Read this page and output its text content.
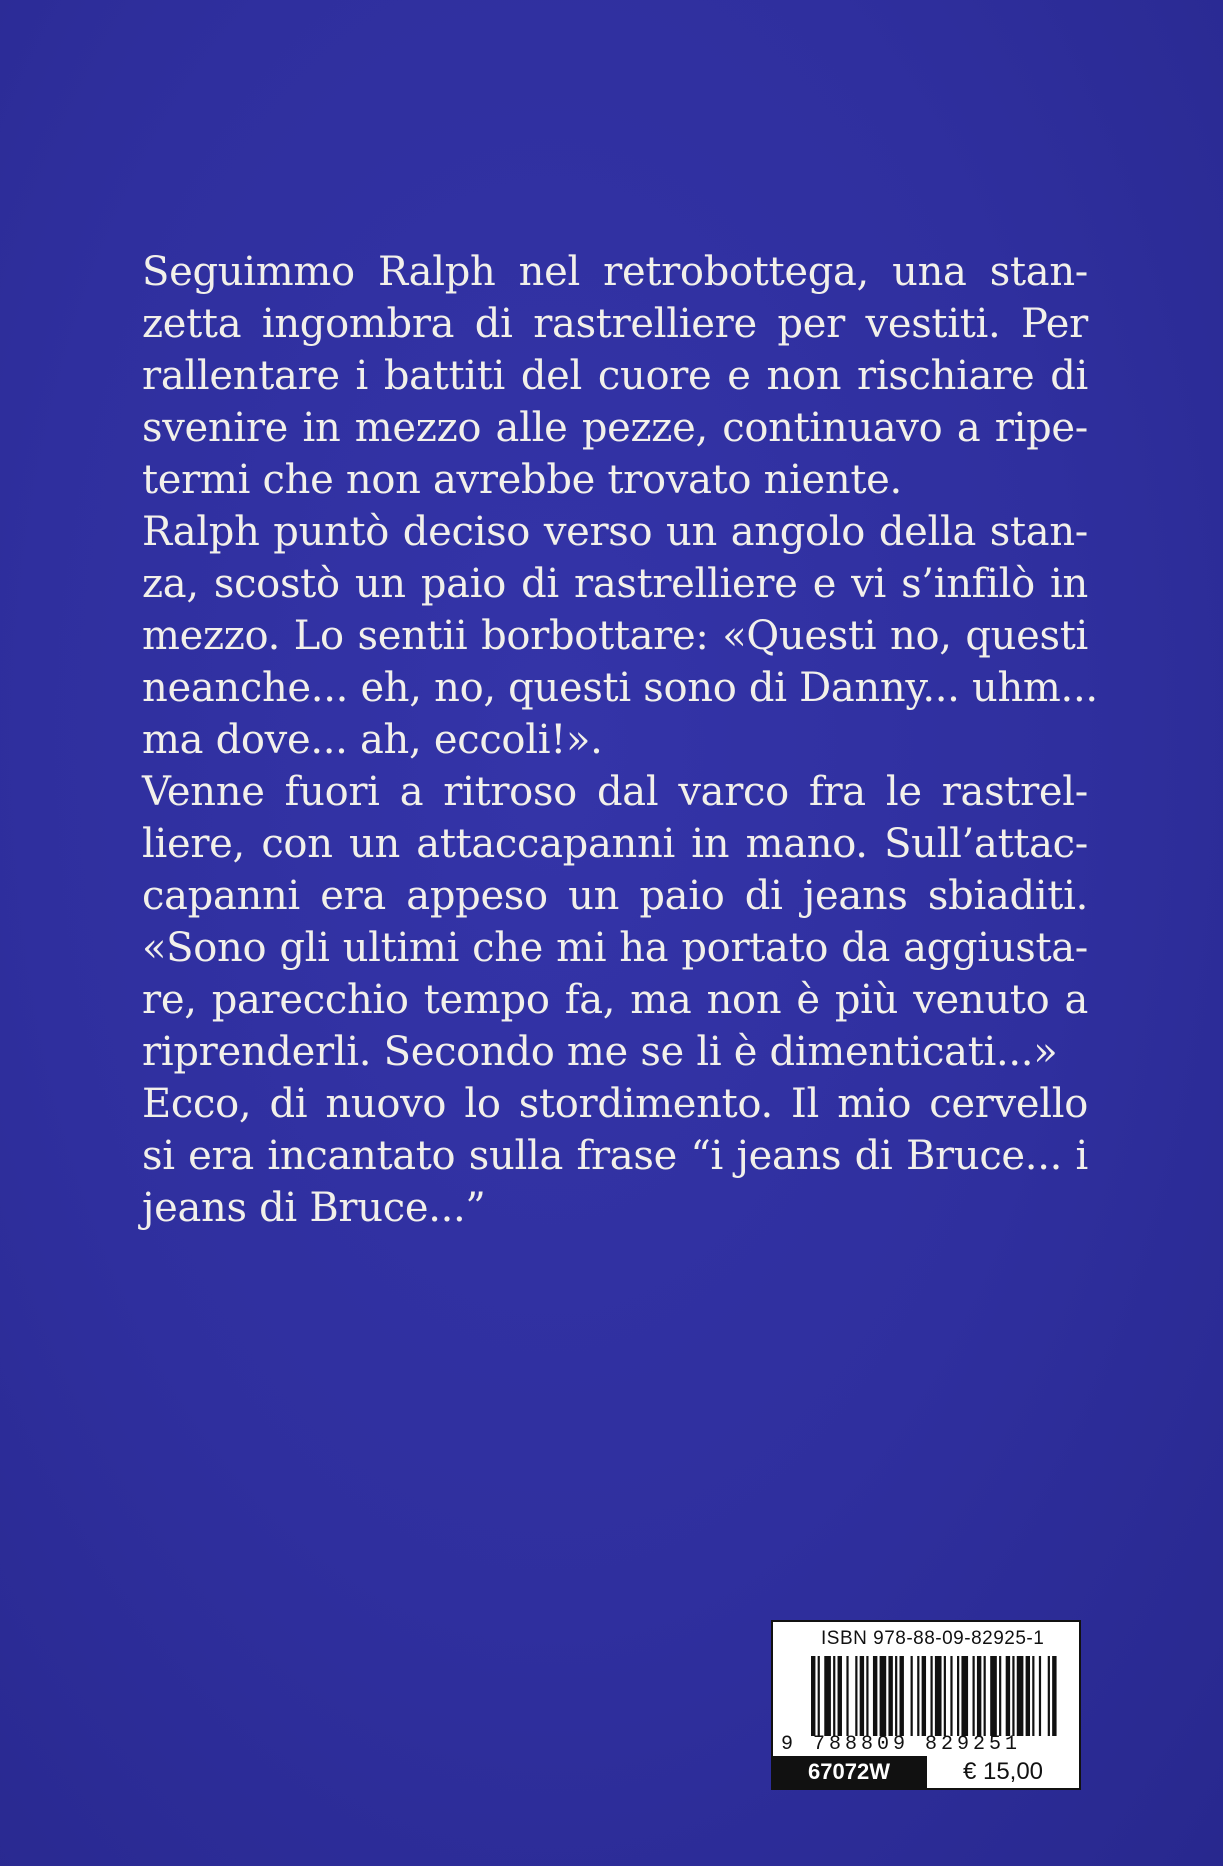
Seguimmo Ralph nel retrobottega, una stan-
zetta ingombra di rastrelliere per vestiti. Per
rallentare i battiti del cuore e non rischiare di
svenire in mezzo alle pezze, continuavo a ripe-
termi che non avrebbe trovato niente.
Ralph puntò deciso verso un angolo della stan-
za, scostò un paio di rastrelliere e vi s’infilò in
mezzo. Lo sentii borbottare: «Questi no, questi
neanche... eh, no, questi sono di Danny... uhm...
ma dove... ah, eccoli!».
Venne fuori a ritroso dal varco fra le rastrel-
liere, con un attaccapanni in mano. Sull’attac-
capanni era appeso un paio di jeans sbiaditi.
«Sono gli ultimi che mi ha portato da aggiusta-
re, parecchio tempo fa, ma non è più venuto a
riprenderli. Secondo me se li è dimenticati...»
Ecco, di nuovo lo stordimento. Il mio cervello
si era incantato sulla frase “i jeans di Bruce... i
jeans di Bruce...”
ISBN 978-88-09-82925-1
9 788809 829251
67072W	€ 15,00
